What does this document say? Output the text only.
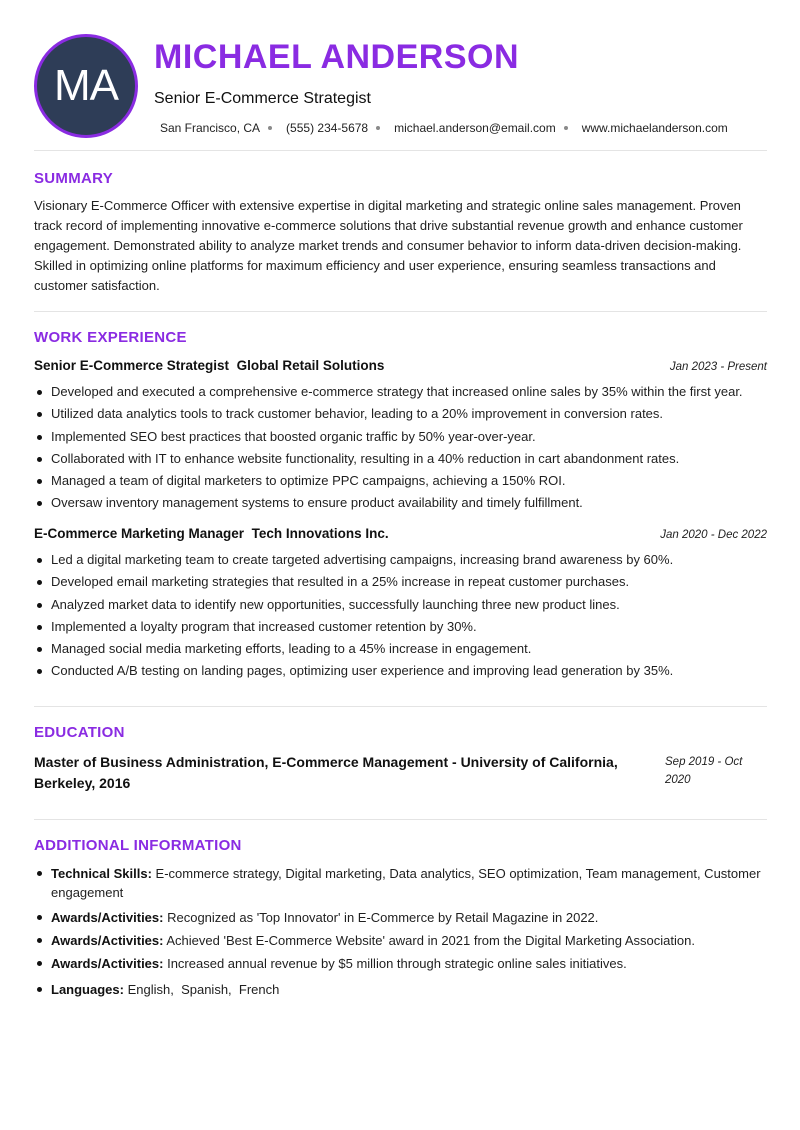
MA
MICHAEL ANDERSON
Senior E-Commerce Strategist
San Francisco, CA (555) 234-5678 michael.anderson@email.com www.michaelanderson.com
SUMMARY
Visionary E-Commerce Officer with extensive expertise in digital marketing and strategic online sales management. Proven track record of implementing innovative e-commerce solutions that drive substantial revenue growth and enhance customer engagement. Demonstrated ability to analyze market trends and consumer behavior to inform data-driven decision-making. Skilled in optimizing online platforms for maximum efficiency and user experience, ensuring seamless transactions and customer satisfaction.
WORK EXPERIENCE
Senior E-Commerce Strategist Global Retail Solutions	Jan 2023 - Present
Developed and executed a comprehensive e-commerce strategy that increased online sales by 35% within the first year.
Utilized data analytics tools to track customer behavior, leading to a 20% improvement in conversion rates.
Implemented SEO best practices that boosted organic traffic by 50% year-over-year.
Collaborated with IT to enhance website functionality, resulting in a 40% reduction in cart abandonment rates.
Managed a team of digital marketers to optimize PPC campaigns, achieving a 150% ROI.
Oversaw inventory management systems to ensure product availability and timely fulfillment.
E-Commerce Marketing Manager Tech Innovations Inc.	Jan 2020 - Dec 2022
Led a digital marketing team to create targeted advertising campaigns, increasing brand awareness by 60%.
Developed email marketing strategies that resulted in a 25% increase in repeat customer purchases.
Analyzed market data to identify new opportunities, successfully launching three new product lines.
Implemented a loyalty program that increased customer retention by 30%.
Managed social media marketing efforts, leading to a 45% increase in engagement.
Conducted A/B testing on landing pages, optimizing user experience and improving lead generation by 35%.
EDUCATION
Master of Business Administration, E-Commerce Management - University of California, Berkeley, 2016
Sep 2019 - Oct 2020
ADDITIONAL INFORMATION
Technical Skills: E-commerce strategy, Digital marketing, Data analytics, SEO optimization, Team management, Customer engagement
Awards/Activities: Recognized as 'Top Innovator' in E-Commerce by Retail Magazine in 2022.
Awards/Activities: Achieved 'Best E-Commerce Website' award in 2021 from the Digital Marketing Association.
Awards/Activities: Increased annual revenue by $5 million through strategic online sales initiatives.
Languages: English,  Spanish,  French
